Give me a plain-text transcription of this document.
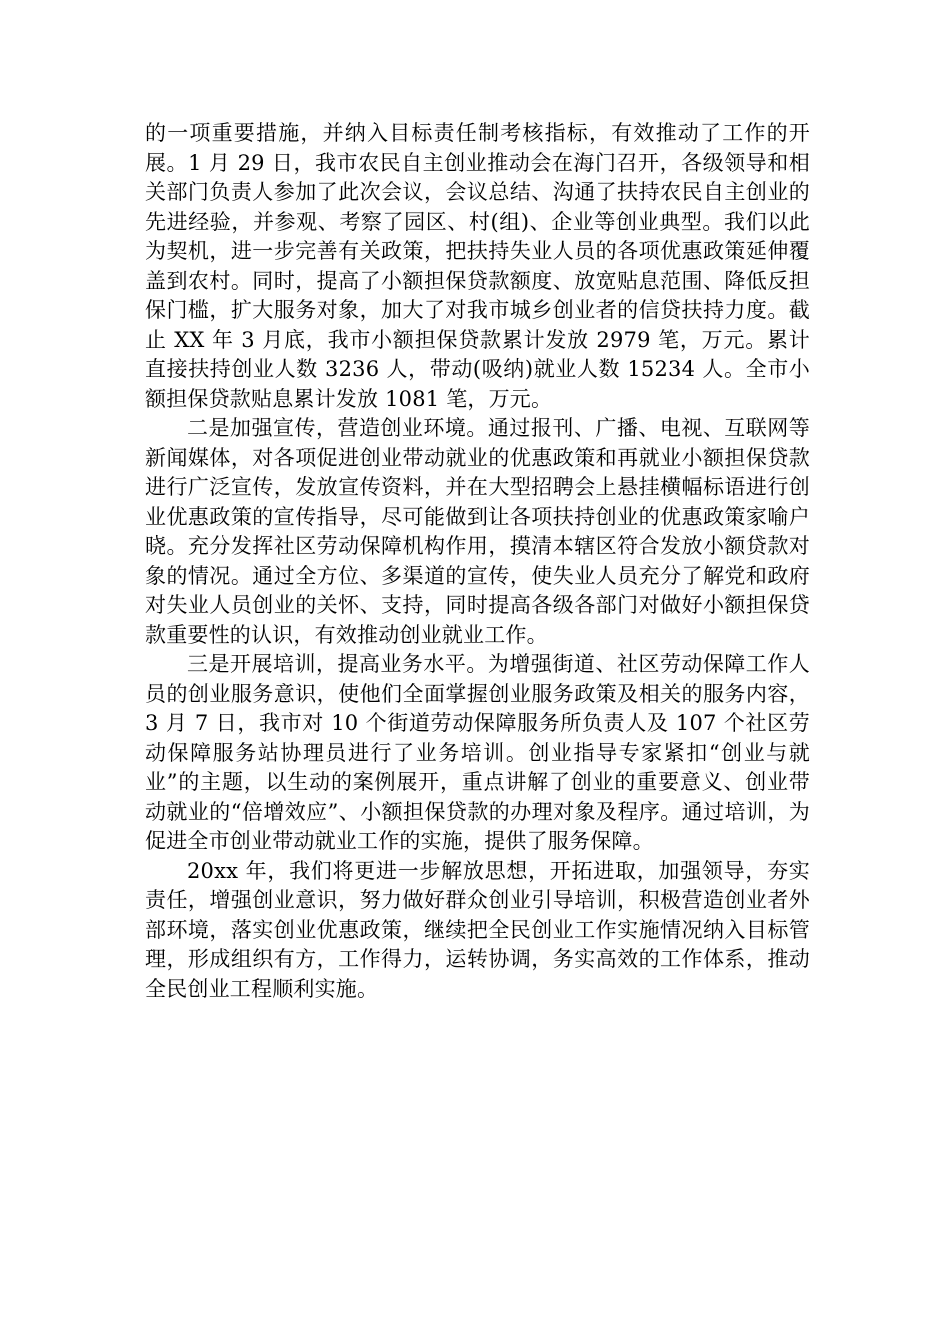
的一项重要措施，并纳入目标责任制考核指标，有效推动了工作的开展。1 月 29 日，我市农民自主创业推动会在海门召开，各级领导和相关部门负责人参加了此次会议，会议总结、沟通了扶持农民自主创业的先进经验，并参观、考察了园区、村(组)、企业等创业典型。我们以此为契机，进一步完善有关政策，把扶持失业人员的各项优惠政策延伸覆盖到农村。同时，提高了小额担保贷款额度、放宽贴息范围、降低反担保门槛，扩大服务对象，加大了对我市城乡创业者的信贷扶持力度。截止 XX 年 3 月底，我市小额担保贷款累计发放 2979 笔，万元。累计直接扶持创业人数 3236 人，带动(吸纳)就业人数 15234 人。全市小额担保贷款贴息累计发放 1081 笔，万元。

二是加强宣传，营造创业环境。通过报刊、广播、电视、互联网等新闻媒体，对各项促进创业带动就业的优惠政策和再就业小额担保贷款进行广泛宣传，发放宣传资料，并在大型招聘会上悬挂横幅标语进行创业优惠政策的宣传指导，尽可能做到让各项扶持创业的优惠政策家喻户晓。充分发挥社区劳动保障机构作用，摸清本辖区符合发放小额贷款对象的情况。通过全方位、多渠道的宣传，使失业人员充分了解党和政府对失业人员创业的关怀、支持，同时提高各级各部门对做好小额担保贷款重要性的认识，有效推动创业就业工作。

三是开展培训，提高业务水平。为增强街道、社区劳动保障工作人员的创业服务意识，使他们全面掌握创业服务政策及相关的服务内容， 3 月 7 日，我市对 10 个街道劳动保障服务所负责人及 107 个社区劳动保障服务站协理员进行了业务培训。创业指导专家紧扣“创业与就业”的主题，以生动的案例展开，重点讲解了创业的重要意义、创业带动就业的“倍增效应”、小额担保贷款的办理对象及程序。通过培训，为促进全市创业带动就业工作的实施，提供了服务保障。

20xx 年，我们将更进一步解放思想，开拓进取，加强领导，夯实责任，增强创业意识，努力做好群众创业引导培训，积极营造创业者外部环境，落实创业优惠政策，继续把全民创业工作实施情况纳入目标管理，形成组织有方，工作得力，运转协调，务实高效的工作体系，推动全民创业工程顺利实施。
